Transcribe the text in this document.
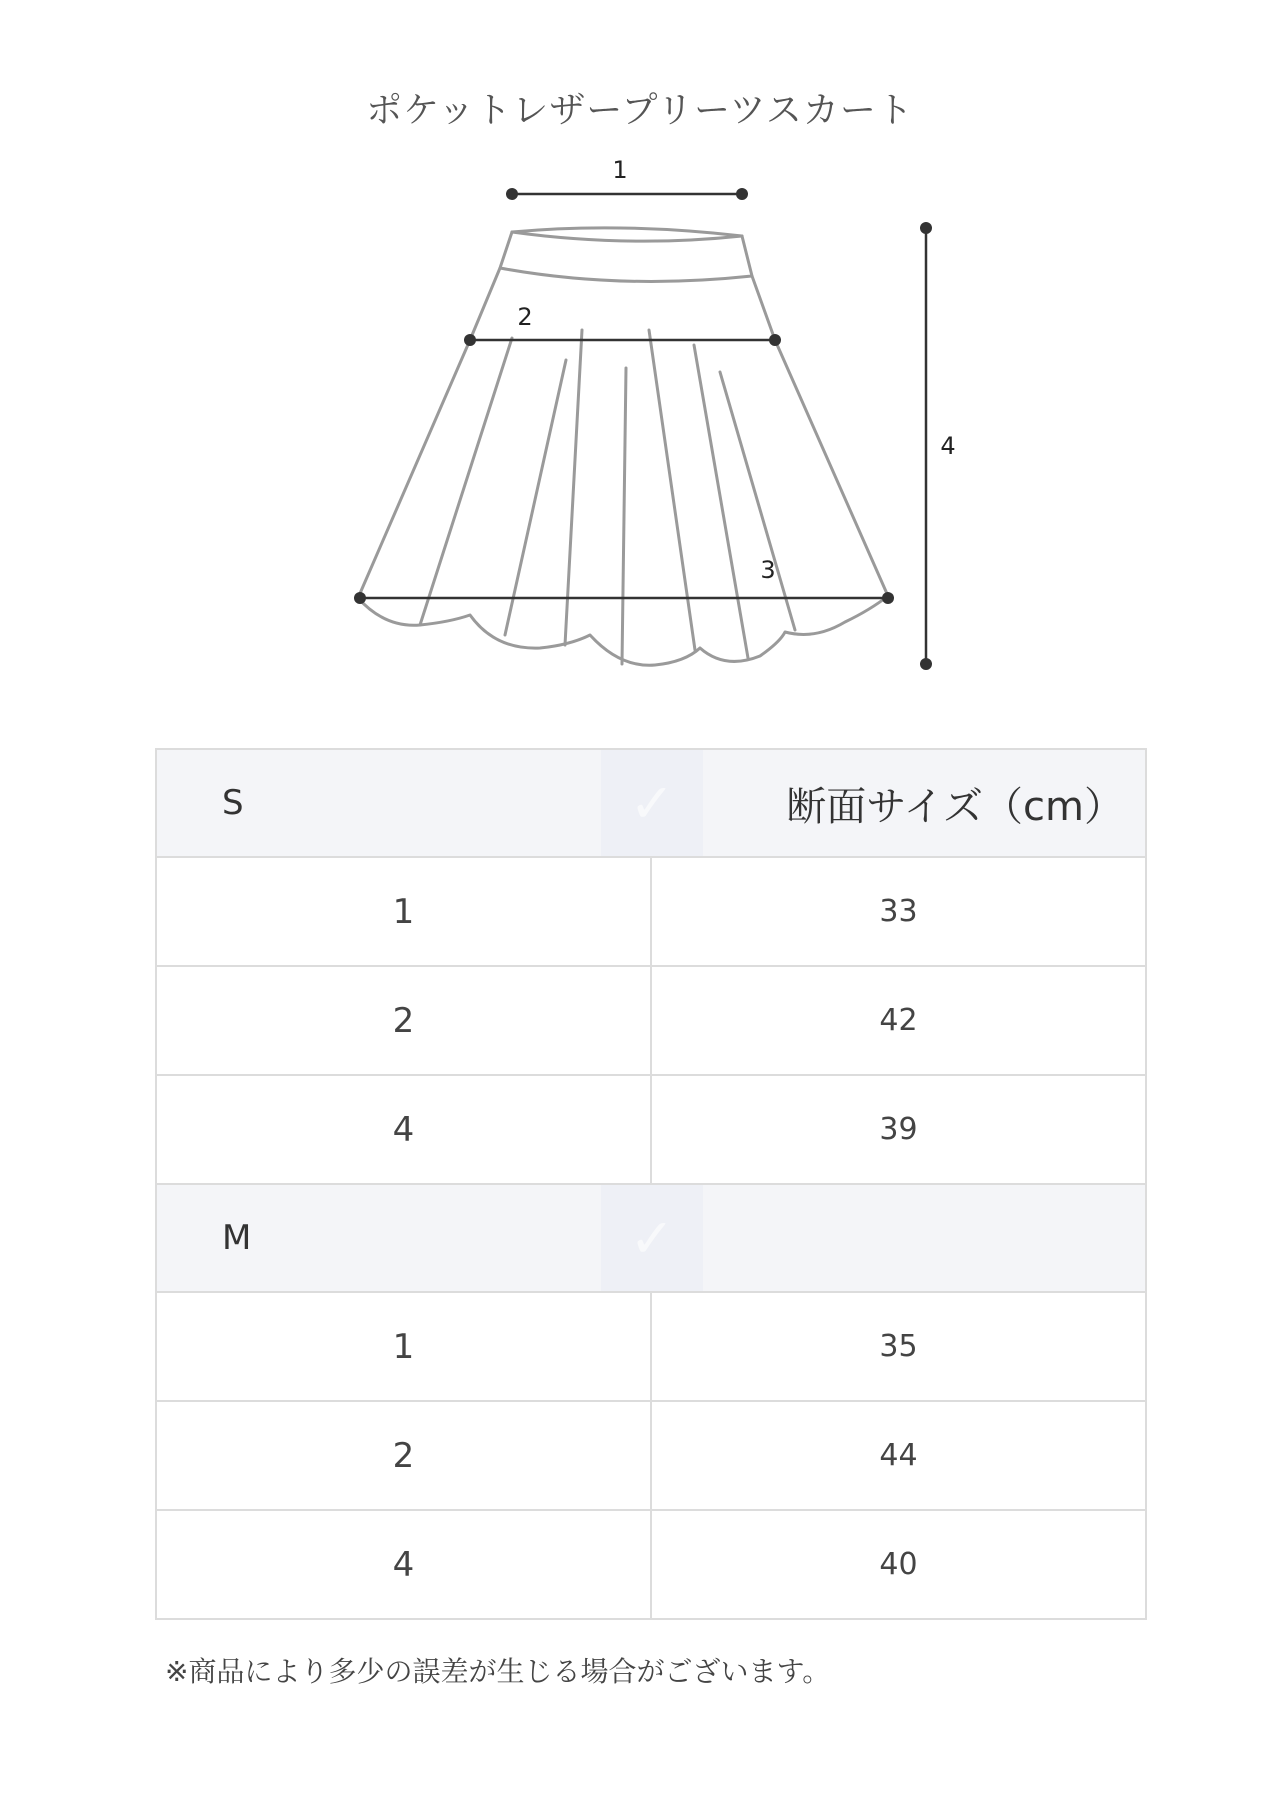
ポケットレザープリーツスカート
1
2
3
4
✓
S 断面サイズ（cm）	

1	33
2	42
4	39

✓
M	

1	35
2	44
4	40
※商品により多少の誤差が生じる場合がございます。
